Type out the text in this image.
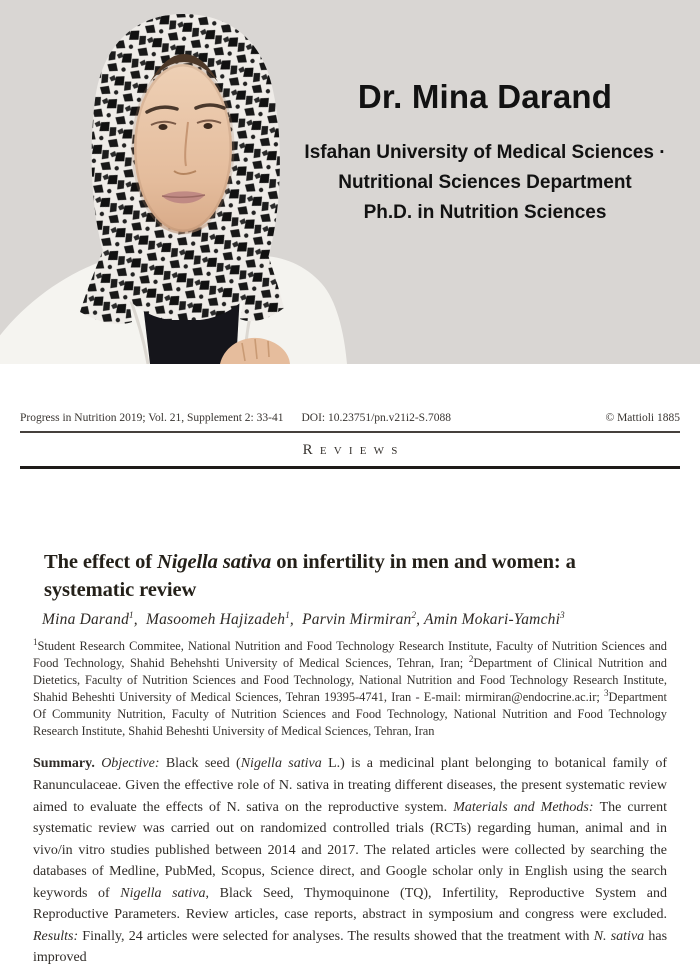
Dr. Mina Darand
Isfahan University of Medical Sciences ·
Nutritional Sciences Department
Ph.D. in Nutrition Sciences
Progress in Nutrition 2019; Vol. 21, Supplement 2: 33-41 DOI: 10.23751/pn.v21i2-S.7088	© Mattioli 1885
Reviews
The effect of Nigella sativa on infertility in men and women: a systematic review
Mina Darand$^1$,  Masoomeh Hajizadeh$^1$,  Parvin Mirmiran$^2$, Amin Mokari-Yamchi$^3$
$^1$Student Research Commitee, National Nutrition and Food Technology Research Institute, Faculty of Nutrition Sciences and Food Technology, Shahid Behehshti University of Medical Sciences, Tehran, Iran; $^2$Department of Clinical Nutrition and Dietetics, Faculty of Nutrition Sciences and Food Technology, National Nutrition and Food Technology Research Institute, Shahid Beheshti University of Medical Sciences, Tehran 19395-4741, Iran - E-mail: mirmiran@endocrine.ac.ir; $^3$Department Of Community Nutrition, Faculty of Nutrition Sciences and Food Technology, National Nutrition and Food Technology Research Institute, Shahid Beheshti University of Medical Sciences, Tehran, Iran

Summary. Objective: Black seed (Nigella sativa L.) is a medicinal plant belonging to botanical family of Ranunculaceae. Given the effective role of N. sativa in treating different diseases, the present systematic review aimed to evaluate the effects of N. sativa on the reproductive system. Materials and Methods: The current systematic review was carried out on randomized controlled trials (RCTs) regarding human, animal and in vivo/in vitro studies published between 2014 and 2017. The related articles were collected by searching the databases of Medline, PubMed, Scopus, Science direct, and Google scholar only in English using the search keywords of Nigella sativa, Black Seed, Thymoquinone (TQ), Infertility, Reproductive System and Reproductive Parameters. Review articles, case reports, abstract in symposium and congress were excluded. Results: Finally, 24 articles were selected for analyses. The results showed that the treatment with N. sativa has improved
